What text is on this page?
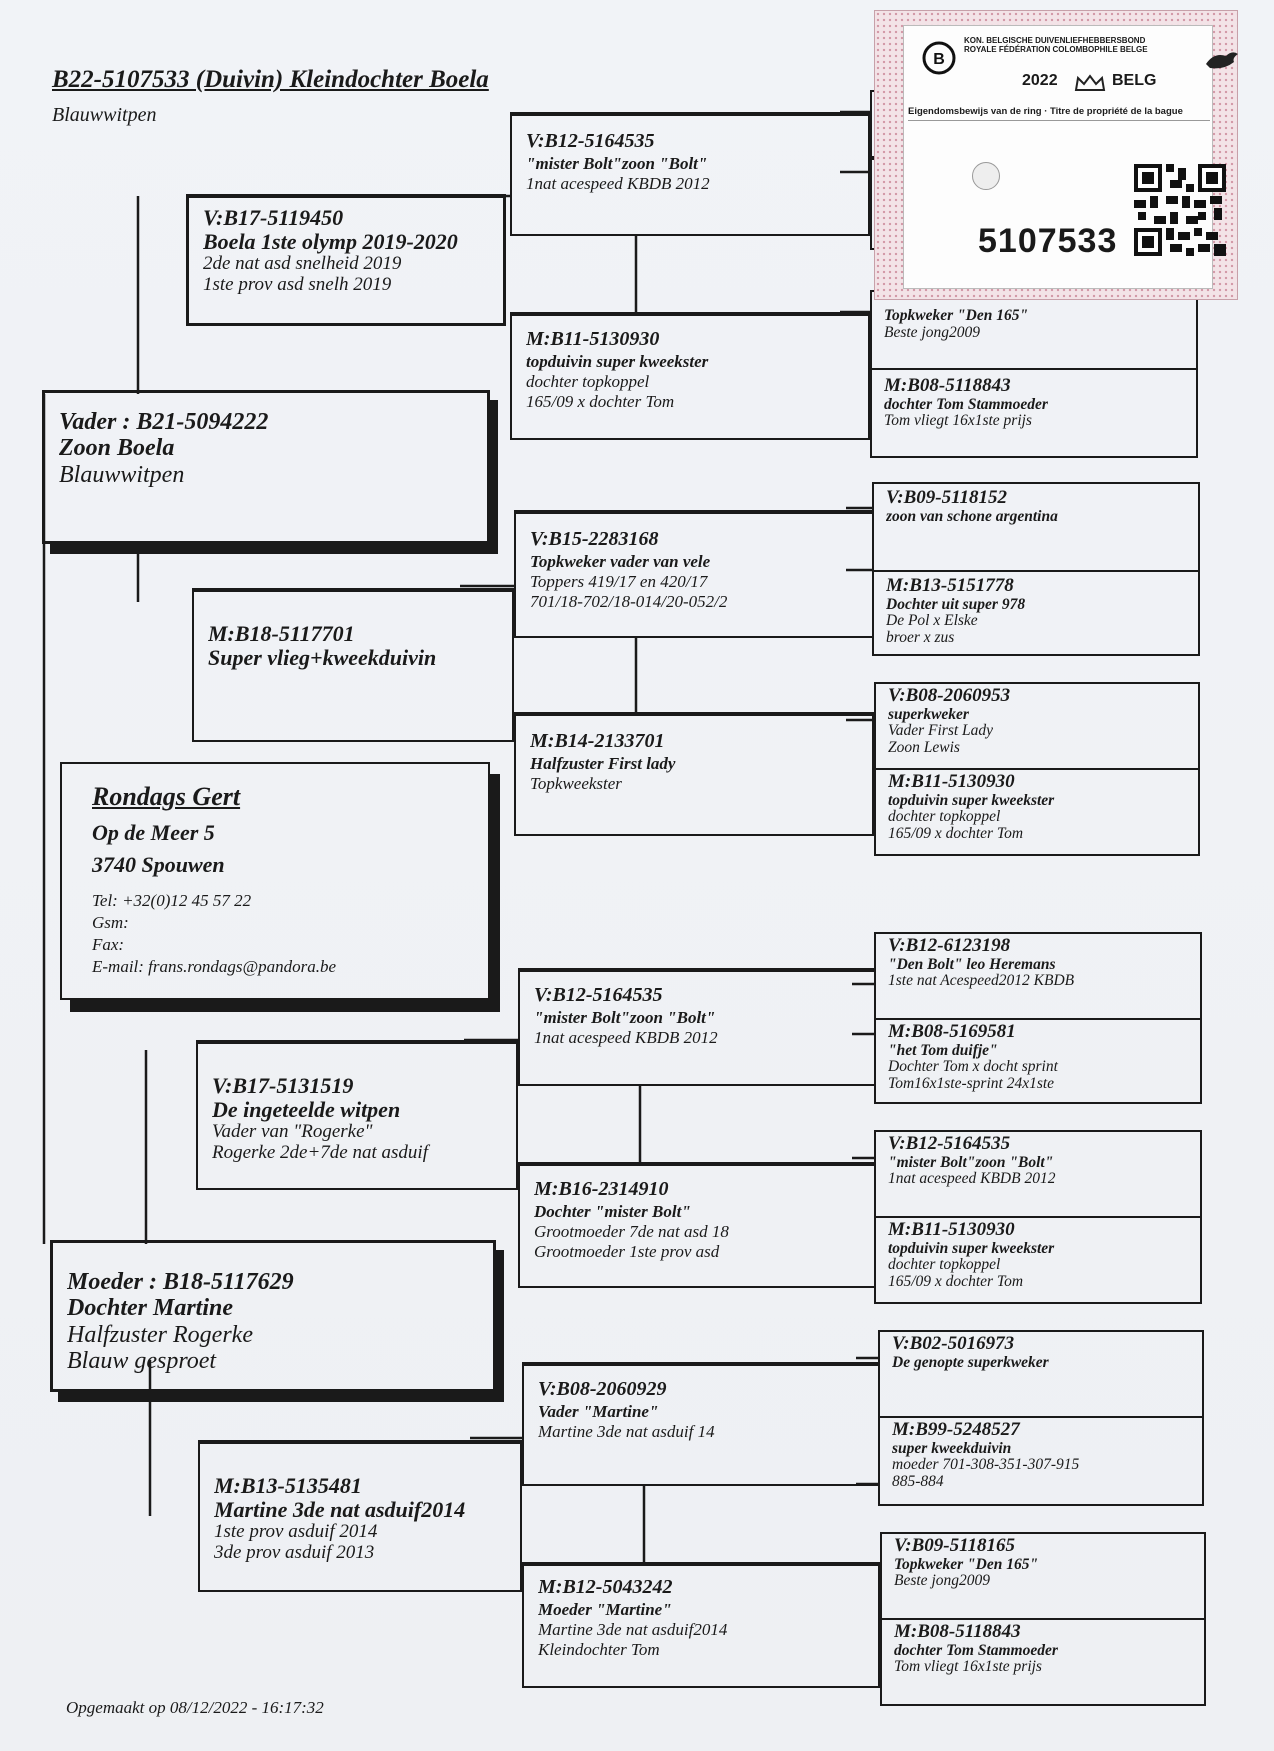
B22-5107533 (Duivin) Kleindochter Boela
Blauwwitpen
Vader : B21-5094222
Zoon Boela
Blauwwitpen
Moeder : B18-5117629
Dochter Martine
Halfzuster Rogerke
Blauw gesproet
V:B17-5119450
Boela 1ste olymp 2019-2020
2de nat asd snelheid 2019
1ste prov asd snelh 2019
M:B18-5117701
Super vlieg+kweekduivin
V:B17-5131519
De ingeteelde witpen
Vader van "Rogerke"
Rogerke 2de+7de nat asduif
M:B13-5135481
Martine 3de nat asduif2014
1ste prov asduif 2014
3de prov asduif 2013
V:B12-5164535
"mister Bolt"zoon "Bolt"
1nat acespeed KBDB 2012
M:B11-5130930
topduivin super kweekster
dochter topkoppel
165/09 x dochter Tom
V:B15-2283168
Topkweker vader van vele
Toppers 419/17 en 420/17
701/18-702/18-014/20-052/2
M:B14-2133701
Halfzuster First lady
Topkweekster
V:B12-5164535
"mister Bolt"zoon "Bolt"
1nat acespeed KBDB 2012
M:B16-2314910
Dochter "mister Bolt"
Grootmoeder 7de nat asd 18
Grootmoeder 1ste prov asd
V:B08-2060929
Vader "Martine"
Martine 3de nat asduif 14
M:B12-5043242
Moeder "Martine"
Martine 3de nat asduif2014
Kleindochter Tom
Topkweker "Den 165"
Beste jong2009
M:B08-5118843
dochter Tom Stammoeder
Tom vliegt 16x1ste prijs
V:B09-5118152
zoon van schone argentina
M:B13-5151778
Dochter uit super 978
De Pol x Elske
broer x zus
V:B08-2060953
superkweker
Vader First Lady
Zoon Lewis
M:B11-5130930
topduivin super kweekster
dochter topkoppel
165/09 x dochter Tom
V:B12-6123198
"Den Bolt" leo Heremans
1ste nat Acespeed2012 KBDB
M:B08-5169581
"het Tom duifje"
Dochter Tom x docht sprint
Tom16x1ste-sprint 24x1ste
V:B12-5164535
"mister Bolt"zoon "Bolt"
1nat acespeed KBDB 2012
M:B11-5130930
topduivin super kweekster
dochter topkoppel
165/09 x dochter Tom
V:B02-5016973
De genopte superkweker
M:B99-5248527
super kweekduivin
moeder 701-308-351-307-915
885-884
V:B09-5118165
Topkweker "Den 165"
Beste jong2009
M:B08-5118843
dochter Tom Stammoeder
Tom vliegt 16x1ste prijs
Rondags Gert
Op de Meer 5
3740 Spouwen
Tel: +32(0)12 45 57 22
Gsm:
Fax:
E-mail: frans.rondags@pandora.be
Opgemaakt op 08/12/2022 - 16:17:32
B
KON. BELGISCHE DUIVENLIEFHEBBERSBOND
ROYALE FÉDÉRATION COLOMBOPHILE BELGE
2022	BELG
Eigendomsbewijs van de ring · Titre de propriété de la bague
5107533
